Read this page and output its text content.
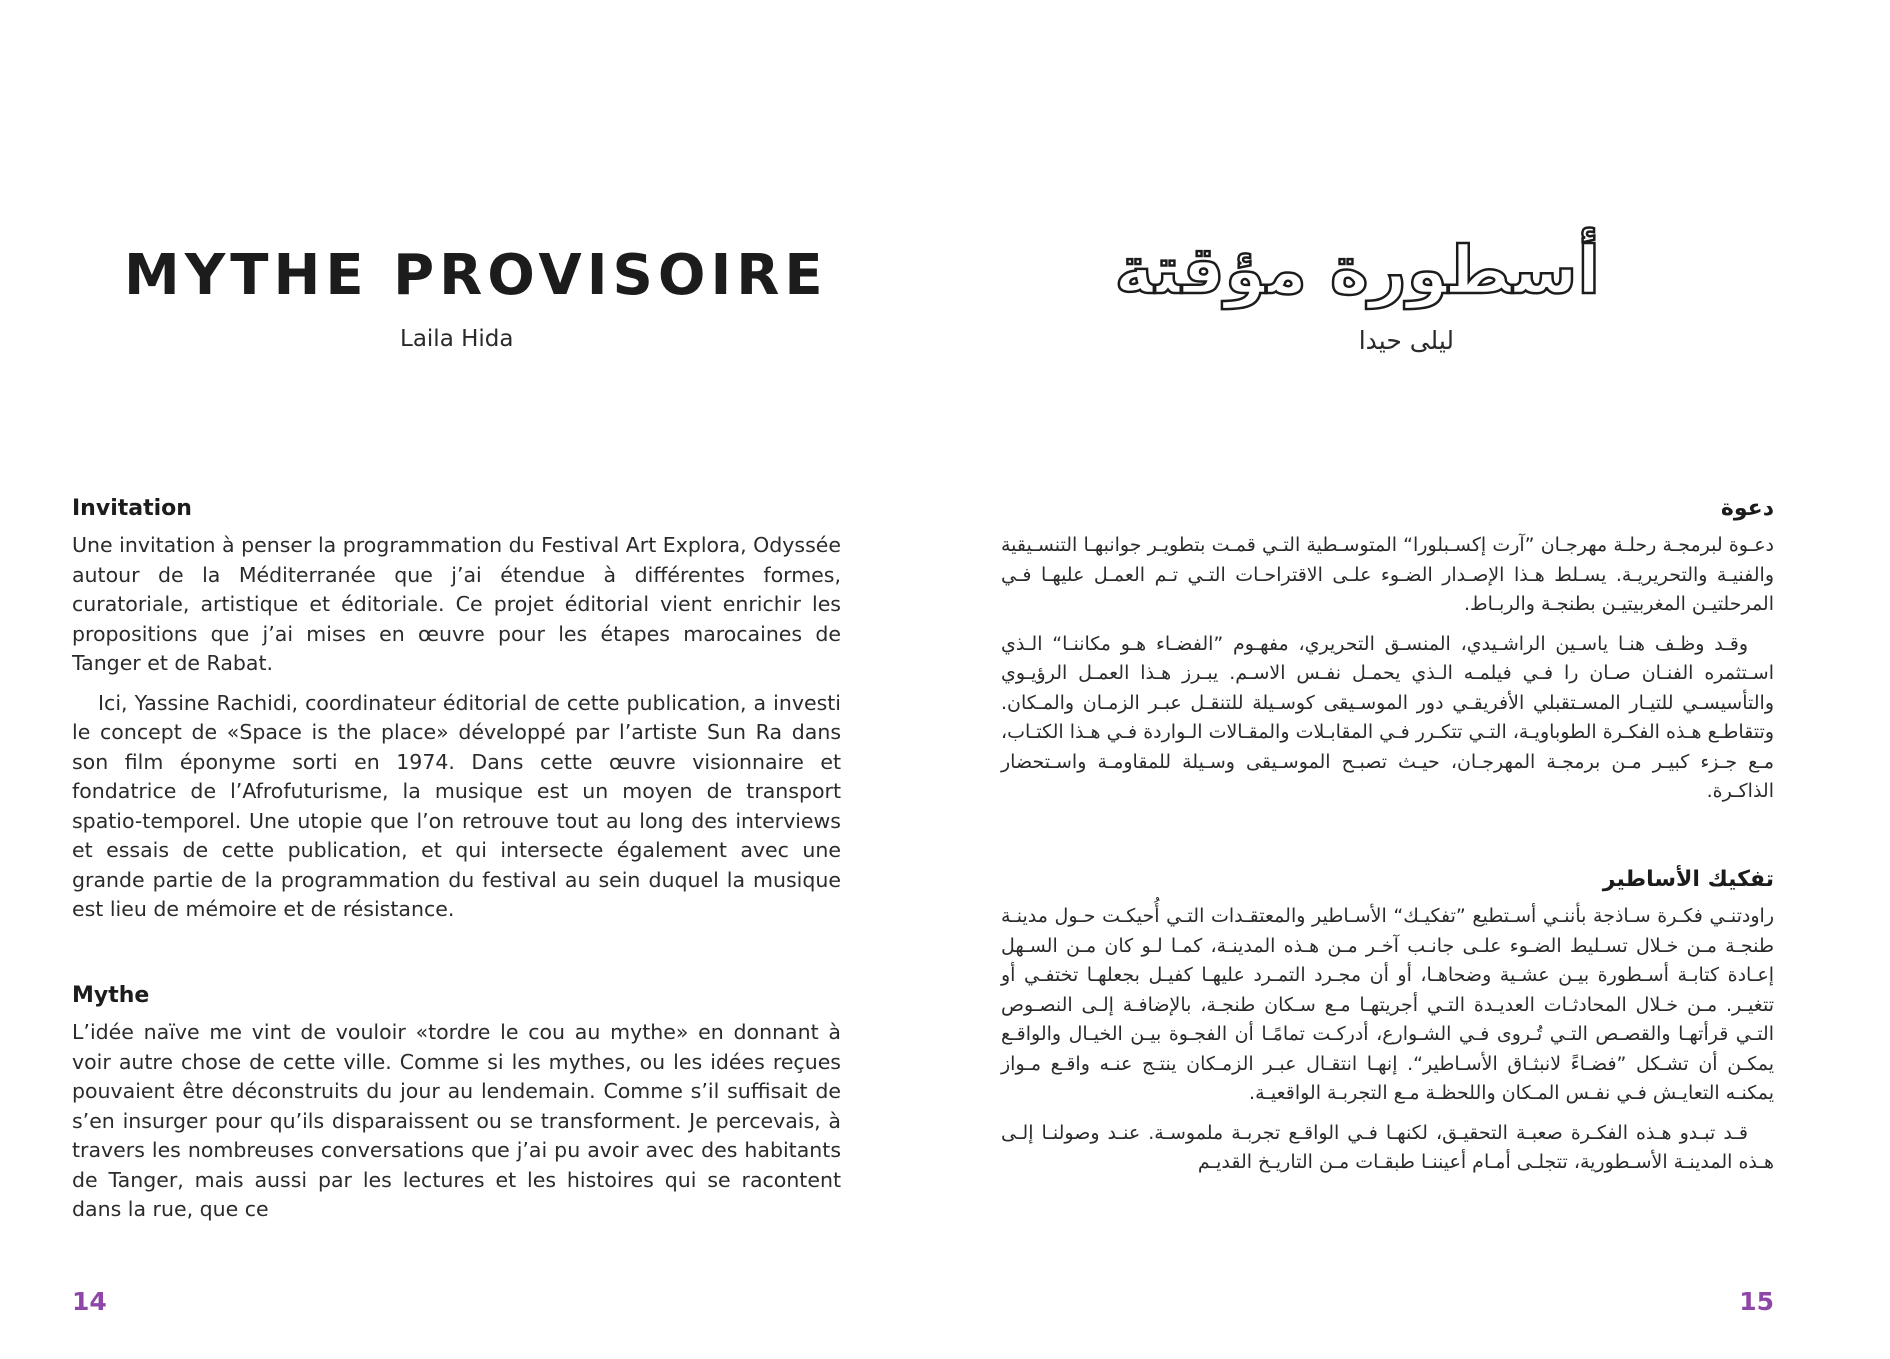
MYTHE PROVISOIRE
Laila Hida
Invitation

Une invitation à penser la programmation du Festival Art Explora, Odyssée autour de la Méditerranée que j’ai étendue à différentes formes, curatoriale, artistique et éditoriale. Ce projet éditorial vient enrichir les propositions que j’ai mises en œuvre pour les étapes marocaines de Tanger et de Rabat.

Ici, Yassine Rachidi, coordinateur éditorial de cette publication, a investi le concept de «Space is the place» développé par l’artiste Sun Ra dans son film éponyme sorti en 1974. Dans cette œuvre visionnaire et fondatrice de l’Afrofuturisme, la musique est un moyen de transport spatio-temporel. Une utopie que l’on retrouve tout au long des interviews et essais de cette publication, et qui intersecte également avec une grande partie de la programmation du festival au sein duquel la musique est lieu de mémoire et de résistance.

Mythe

L’idée naïve me vint de vouloir «tordre le cou au mythe» en donnant à voir autre chose de cette ville. Comme si les mythes, ou les idées reçues pouvaient être déconstruits du jour au lendemain. Comme s’il suffisait de s’en insurger pour qu’ils disparaissent ou se transforment. Je percevais, à travers les nombreuses conversations que j’ai pu avoir avec des habitants de Tanger, mais aussi par les lectures et les histoires qui se racontent dans la rue, que ce

14
أسطورة مؤقتة
ليلى حيدا
دعوة

دعـوة لبرمجـة رحلـة مهرجـان ”آرت إكسـبلورا“ المتوسـطية التـي قمـت بتطويـر جوانبهـا التنسـيقية والفنيـة والتحريريـة. يسـلط هـذا الإصـدار الضـوء علـى الاقتراحـات التـي تـم العمـل عليهـا فـي المرحلتيـن المغربيتيـن بطنجـة والربـاط.

وقـد وظـف هنـا ياسـين الراشـيدي، المنسـق التحريري، مفهـوم ”الفضـاء هـو مكاننـا“ الـذي اسـتثمره الفنـان صـان را فـي فيلمـه الـذي يحمـل نفـس الاسـم. يبـرز هـذا العمـل الرؤيـوي والتأسيسـي للتيـار المسـتقبلي الأفريقـي دور الموسـيقى كوسـيلة للتنقـل عبـر الزمـان والمـكان. وتتقاطـع هـذه الفكـرة الطوباويـة، التـي تتكـرر فـي المقابـلات والمقـالات الـواردة فـي هـذا الكتـاب، مـع جـزء كبيـر مـن برمجـة المهرجـان، حيـث تصبـح الموسـيقى وسـيلة للمقاومـة واسـتحضار الذاكـرة.

تفكيك الأساطير

راودتنـي فكـرة سـاذجة بأننـي أسـتطيع ”تفكيـك“ الأسـاطير والمعتقـدات التـي أُحيكـت حـول مدينـة طنجـة مـن خـلال تسـليط الضـوء علـى جانـب آخـر مـن هـذه المدينـة، كمـا لـو كان مـن السـهل إعـادة كتابـة أسـطورة بيـن عشـية وضحاهـا، أو أن مجـرد التمـرد عليهـا كفيـل بجعلهـا تختفـي أو تتغيـر. مـن خـلال المحادثـات العديـدة التـي أجريتهـا مـع سـكان طنجـة، بالإضافـة إلـى النصـوص التـي قرأتهـا والقصـص التـي تُـروى فـي الشـوارع، أدركـت تمامًـا أن الفجـوة بيـن الخيـال والواقـع يمكـن أن تشـكل ”فضـاءً لانبثـاق الأسـاطير“. إنهـا انتقـال عبـر الزمـكان ينتـج عنـه واقـع مـواز يمكنـه التعايـش فـي نفـس المـكان واللحظـة مـع التجربـة الواقعيـة.

قـد تبـدو هـذه الفكـرة صعبـة التحقيـق، لكنهـا فـي الواقـع تجربـة ملموسـة. عنـد وصولنـا إلـى هـذه المدينـة الأسـطورية، تتجلـى أمـام أعيننـا طبقـات مـن التاريـخ القديـم

15
